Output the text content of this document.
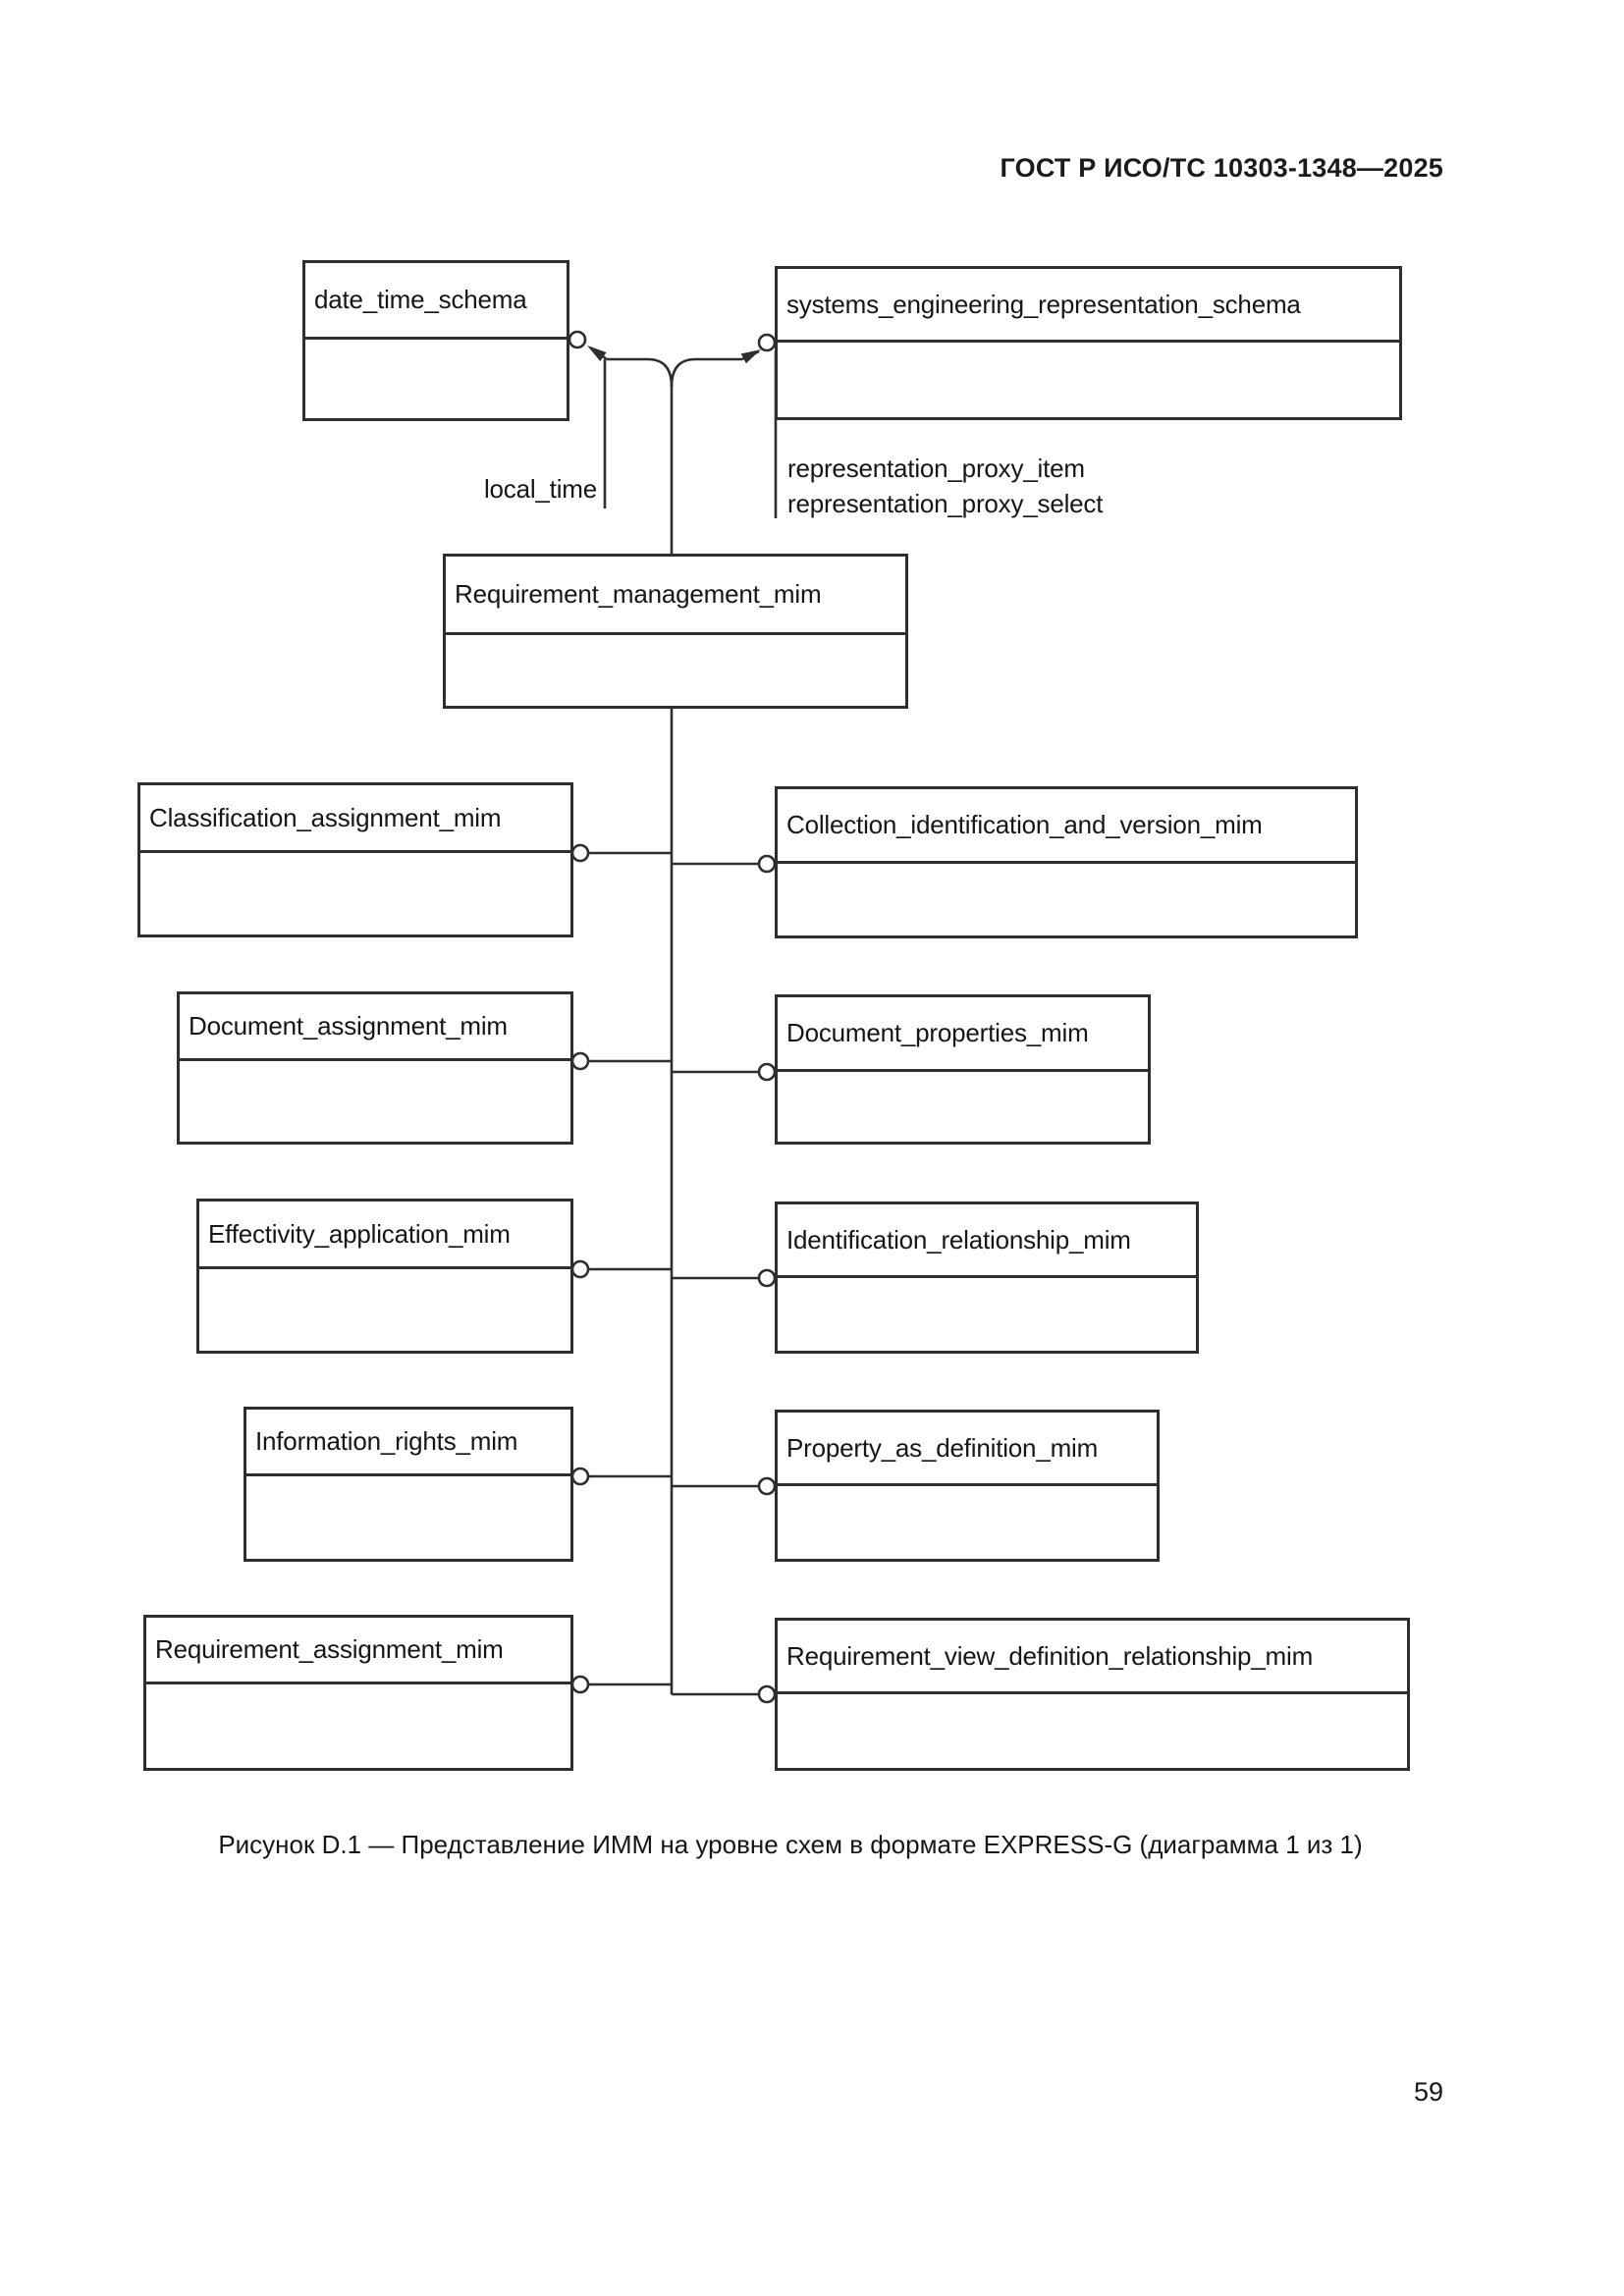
ГОСТ Р ИСО/ТС 10303-1348—2025
date_time_schema	systems_engineering_representation_schema
Requirement_management_mim
Classification_assignment_mim	Collection_identification_and_version_mim
Document_assignment_mim	Document_properties_mim
Effectivity_application_mim	Identification_relationship_mim
Information_rights_mim	Property_as_definition_mim
Requirement_assignment_mim	Requirement_view_definition_relationship_mim
local_time
representation_proxy_item
representation_proxy_select
Рисунок D.1 — Представление ИММ на уровне схем в формате EXPRESS-G (диаграмма 1 из 1)
59
